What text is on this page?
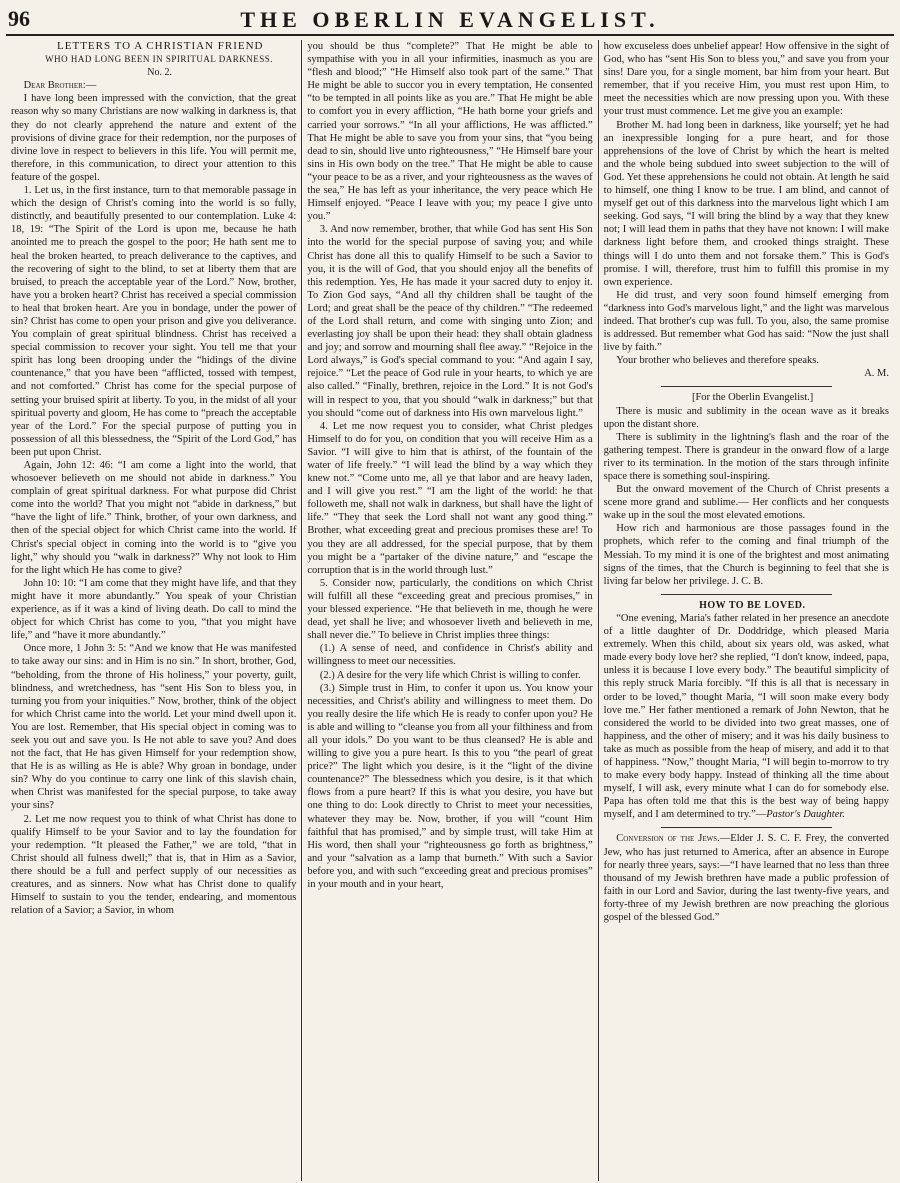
96	THE OBERLIN EVANGELIST.

LETTERS TO A CHRISTIAN FRIEND

WHO HAD LONG BEEN IN SPIRITUAL DARKNESS.

No. 2.

Dear Brother:—

I have long been impressed with the conviction, that the great reason why so many Christians are now walking in darkness is, that they do not clearly apprehend the nature and extent of the provisions of divine grace for their redemption, nor the purposes of divine love in respect to believers in this life. You will permit me, therefore, in this communication, to direct your attention to this feature of the gospel.

1. Let us, in the first instance, turn to that memorable passage in which the design of Christ's coming into the world is so fully, distinctly, and beautifully presented to our contemplation. Luke 4: 18, 19: “The Spirit of the Lord is upon me, because he hath anointed me to preach the gospel to the poor; He hath sent me to heal the broken hearted, to preach deliverance to the captives, and the recovering of sight to the blind, to set at liberty them that are bruised, to preach the acceptable year of the Lord.” Now, brother, have you a broken heart? Christ has received a special commission to heal that broken heart. Are you in bondage, under the power of sin? Christ has come to open your prison and give you deliverance. You complain of great spiritual blindness. Christ has received a special commission to recover your sight. You tell me that your spirit has long been drooping under the “hidings of the divine countenance,” that you have been “afflicted, tossed with tempest, and not comforted.” Christ has come for the special purpose of setting your bruised spirit at liberty. To you, in the midst of all your spiritual poverty and gloom, He has come to “preach the acceptable year of the Lord.” For the special purpose of putting you in possession of all this blessedness, the “Spirit of the Lord God,” has been put upon Christ.

Again, John 12: 46: “I am come a light into the world, that whosoever believeth on me should not abide in darkness.” You complain of great spiritual darkness. For what purpose did Christ come into the world? That you might not “abide in darkness,” but “have the light of life.” Think, brother, of your own darkness, and then of the special object for which Christ came into the world. If Christ's special object in coming into the world is to “give you light,” why should you “walk in darkness?” Why not look to Him for the light which He has come to give?

John 10: 10: “I am come that they might have life, and that they might have it more abundantly.” You speak of your Christian experience, as if it was a kind of living death. Do call to mind the object for which Christ has come to you, “that you might have life,” and “have it more abundantly.”

Once more, 1 John 3: 5: “And we know that He was manifested to take away our sins: and in Him is no sin.” In short, brother, God, “beholding, from the throne of His holiness,” your poverty, guilt, blindness, and wretchedness, has “sent His Son to bless you, in turning you from your iniquities.” Now, brother, think of the object for which Christ came into the world. Let your mind dwell upon it. You are lost. Remember, that His special object in coming was to seek you out and save you. Is He not able to save you? And does not the fact, that He has given Himself for your redemption show, that He is as willing as He is able? Why groan in bondage, under sin? Why do you continue to carry one link of this slavish chain, when Christ was manifested for the special purpose, to take away your sins?

2. Let me now request you to think of what Christ has done to qualify Himself to be your Savior and to lay the foundation for your redemption. “It pleased the Father,” we are told, “that in Christ should all fulness dwell;” that is, that in Him as a Savior, there should be a full and perfect supply of our necessities as creatures, and as sinners. Now what has Christ done to qualify Himself to sustain to you the tender, endearing, and momentous relation of a Savior; a Savior, in whom

you should be thus “complete?” That He might be able to sympathise with you in all your infirmities, inasmuch as you are “flesh and blood;” “He Himself also took part of the same.” That He might be able to succor you in every temptation, He consented “to be tempted in all points like as you are.” That He might be able to comfort you in every affliction, “He hath borne your griefs and carried your sorrows.” “In all your afflictions, He was afflicted.” That He might be able to save you from your sins, that “you being dead to sin, should live unto righteousness,” “He Himself bare your sins in His own body on the tree.” That He might be able to cause “your peace to be as a river, and your righteousness as the waves of the sea,” He has left as your inheritance, the very peace which He Himself enjoyed. “Peace I leave with you; my peace I give unto you.”

3. And now remember, brother, that while God has sent His Son into the world for the special purpose of saving you; and while Christ has done all this to qualify Himself to be such a Savior to you, it is the will of God, that you should enjoy all the benefits of this redemption. Yes, He has made it your sacred duty to enjoy it. To Zion God says, “And all thy children shall be taught of the Lord; and great shall be the peace of thy children.” “The redeemed of the Lord shall return, and come with singing unto Zion; and everlasting joy shall be upon their head: they shall obtain gladness and joy; and sorrow and mourning shall flee away.” “Rejoice in the Lord always,” is God's special command to you: “And again I say, rejoice.” “Let the peace of God rule in your hearts, to which ye are also called.” “Finally, brethren, rejoice in the Lord.” It is not God's will in respect to you, that you should “walk in darkness;” but that you should “come out of darkness into His own marvelous light.”

4. Let me now request you to consider, what Christ pledges Himself to do for you, on condition that you will receive Him as a Savior. “I will give to him that is athirst, of the fountain of the water of life freely.” “I will lead the blind by a way which they knew not.” “Come unto me, all ye that labor and are heavy laden, and I will give you rest.” “I am the light of the world: he that followeth me, shall not walk in darkness, but shall have the light of life.” “They that seek the Lord shall not want any good thing.” Brother, what exceeding great and precious promises these are! To you they are all addressed, for the special purpose, that by them you might be a “partaker of the divine nature,” and “escape the corruption that is in the world through lust.”

5. Consider now, particularly, the conditions on which Christ will fulfill all these “exceeding great and precious promises,” in your blessed experience. “He that believeth in me, though he were dead, yet shall he live; and whosoever liveth and believeth in me, shall never die.” To believe in Christ implies three things:

(1.) A sense of need, and confidence in Christ's ability and willingness to meet our necessities.

(2.) A desire for the very life which Christ is willing to confer.

(3.) Simple trust in Him, to confer it upon us. You know your necessities, and Christ's ability and willingness to meet them. Do you really desire the life which He is ready to confer upon you? He is able and willing to “cleanse you from all your filthiness and from all your idols.” Do you want to be thus cleansed? He is able and willing to give you a pure heart. Is this to you “the pearl of great price?” The light which you desire, is it the “light of the divine countenance?” The blessedness which you desire, is it that which flows from a pure heart? If this is what you desire, you have but one thing to do: Look directly to Christ to meet your necessities, whatever they may be. Now, brother, if you will “count Him faithful that has promised,” and by simple trust, will take Him at His word, then shall your “righteousness go forth as brightness,” and your “salvation as a lamp that burneth.” With such a Savior before you, and with such “exceeding great and precious promises” in your mouth and in your heart,

how excuseless does unbelief appear! How offensive in the sight of God, who has “sent His Son to bless you,” and save you from your sins! Dare you, for a single moment, bar him from your heart. But remember, that if you receive Him, you must rest upon Him, to meet the necessities which are now pressing upon you. With these your trust must commence. Let me give you an example:

Brother M. had long been in darkness, like yourself; yet he had an inexpressible longing for a pure heart, and for those apprehensions of the love of Christ by which the heart is melted and the whole being subdued into sweet subjection to the will of God. Yet these apprehensions he could not obtain. At length he said to himself, one thing I know to be true. I am blind, and cannot of myself get out of this darkness into the marvelous light which I am seeking. God says, “I will bring the blind by a way that they knew not; I will lead them in paths that they have not known: I will make darkness light before them, and crooked things straight. These things will I do unto them and not forsake them.” This is God's promise. I will, therefore, trust him to fulfill this promise in my own experience.

He did trust, and very soon found himself emerging from “darkness into God's marvelous light,” and the light was marvelous indeed. That brother's cup was full. To you, also, the same promise is addressed. But remember what God has said: “Now the just shall live by faith.”

Your brother who believes and therefore speaks.

A. M.

[For the Oberlin Evangelist.]

There is music and sublimity in the ocean wave as it breaks upon the distant shore.

There is sublimity in the lightning's flash and the roar of the gathering tempest. There is grandeur in the onward flow of a large river to its termination. In the motion of the stars through infinite space there is something soul-inspiring.

But the onward movement of the Church of Christ presents a scene more grand and sublime.— Her conflicts and her conquests wake up in the soul the most elevated emotions.

How rich and harmonious are those passages found in the prophets, which refer to the coming and final triumph of the Messiah. To my mind it is one of the brightest and most animating signs of the times, that the Church is beginning to feel that she is living far below her privilege. J. C. B.

HOW TO BE LOVED.

“One evening, Maria's father related in her presence an anecdote of a little daughter of Dr. Doddridge, which pleased Maria extremely. When this child, about six years old, was asked, what made every body love her? she replied, “I don't know, indeed, papa, unless it is because I love every body.” The beautiful simplicity of this reply struck Maria forcibly. “If this is all that is necessary in order to be loved,” thought Maria, “I will soon make every body love me.” Her father mentioned a remark of John Newton, that he considered the world to be divided into two great masses, one of happiness, and the other of misery; and it was his daily business to take as much as possible from the heap of misery, and add it to that of happiness. “Now,” thought Maria, “I will begin to-morrow to try to make every body happy. Instead of thinking all the time about myself, I will ask, every minute what I can do for somebody else. Papa has often told me that this is the best way of being happy myself, and I am determined to try.”—Pastor's Daughter.

Conversion of the Jews.—Elder J. S. C. F. Frey, the converted Jew, who has just returned to America, after an absence in Europe for nearly three years, says:—“I have learned that no less than three thousand of my Jewish brethren have made a public profession of faith in our Lord and Savior, during the last twenty-five years, and forty-three of my Jewish brethren are now preaching the glorious gospel of the blessed God.”
